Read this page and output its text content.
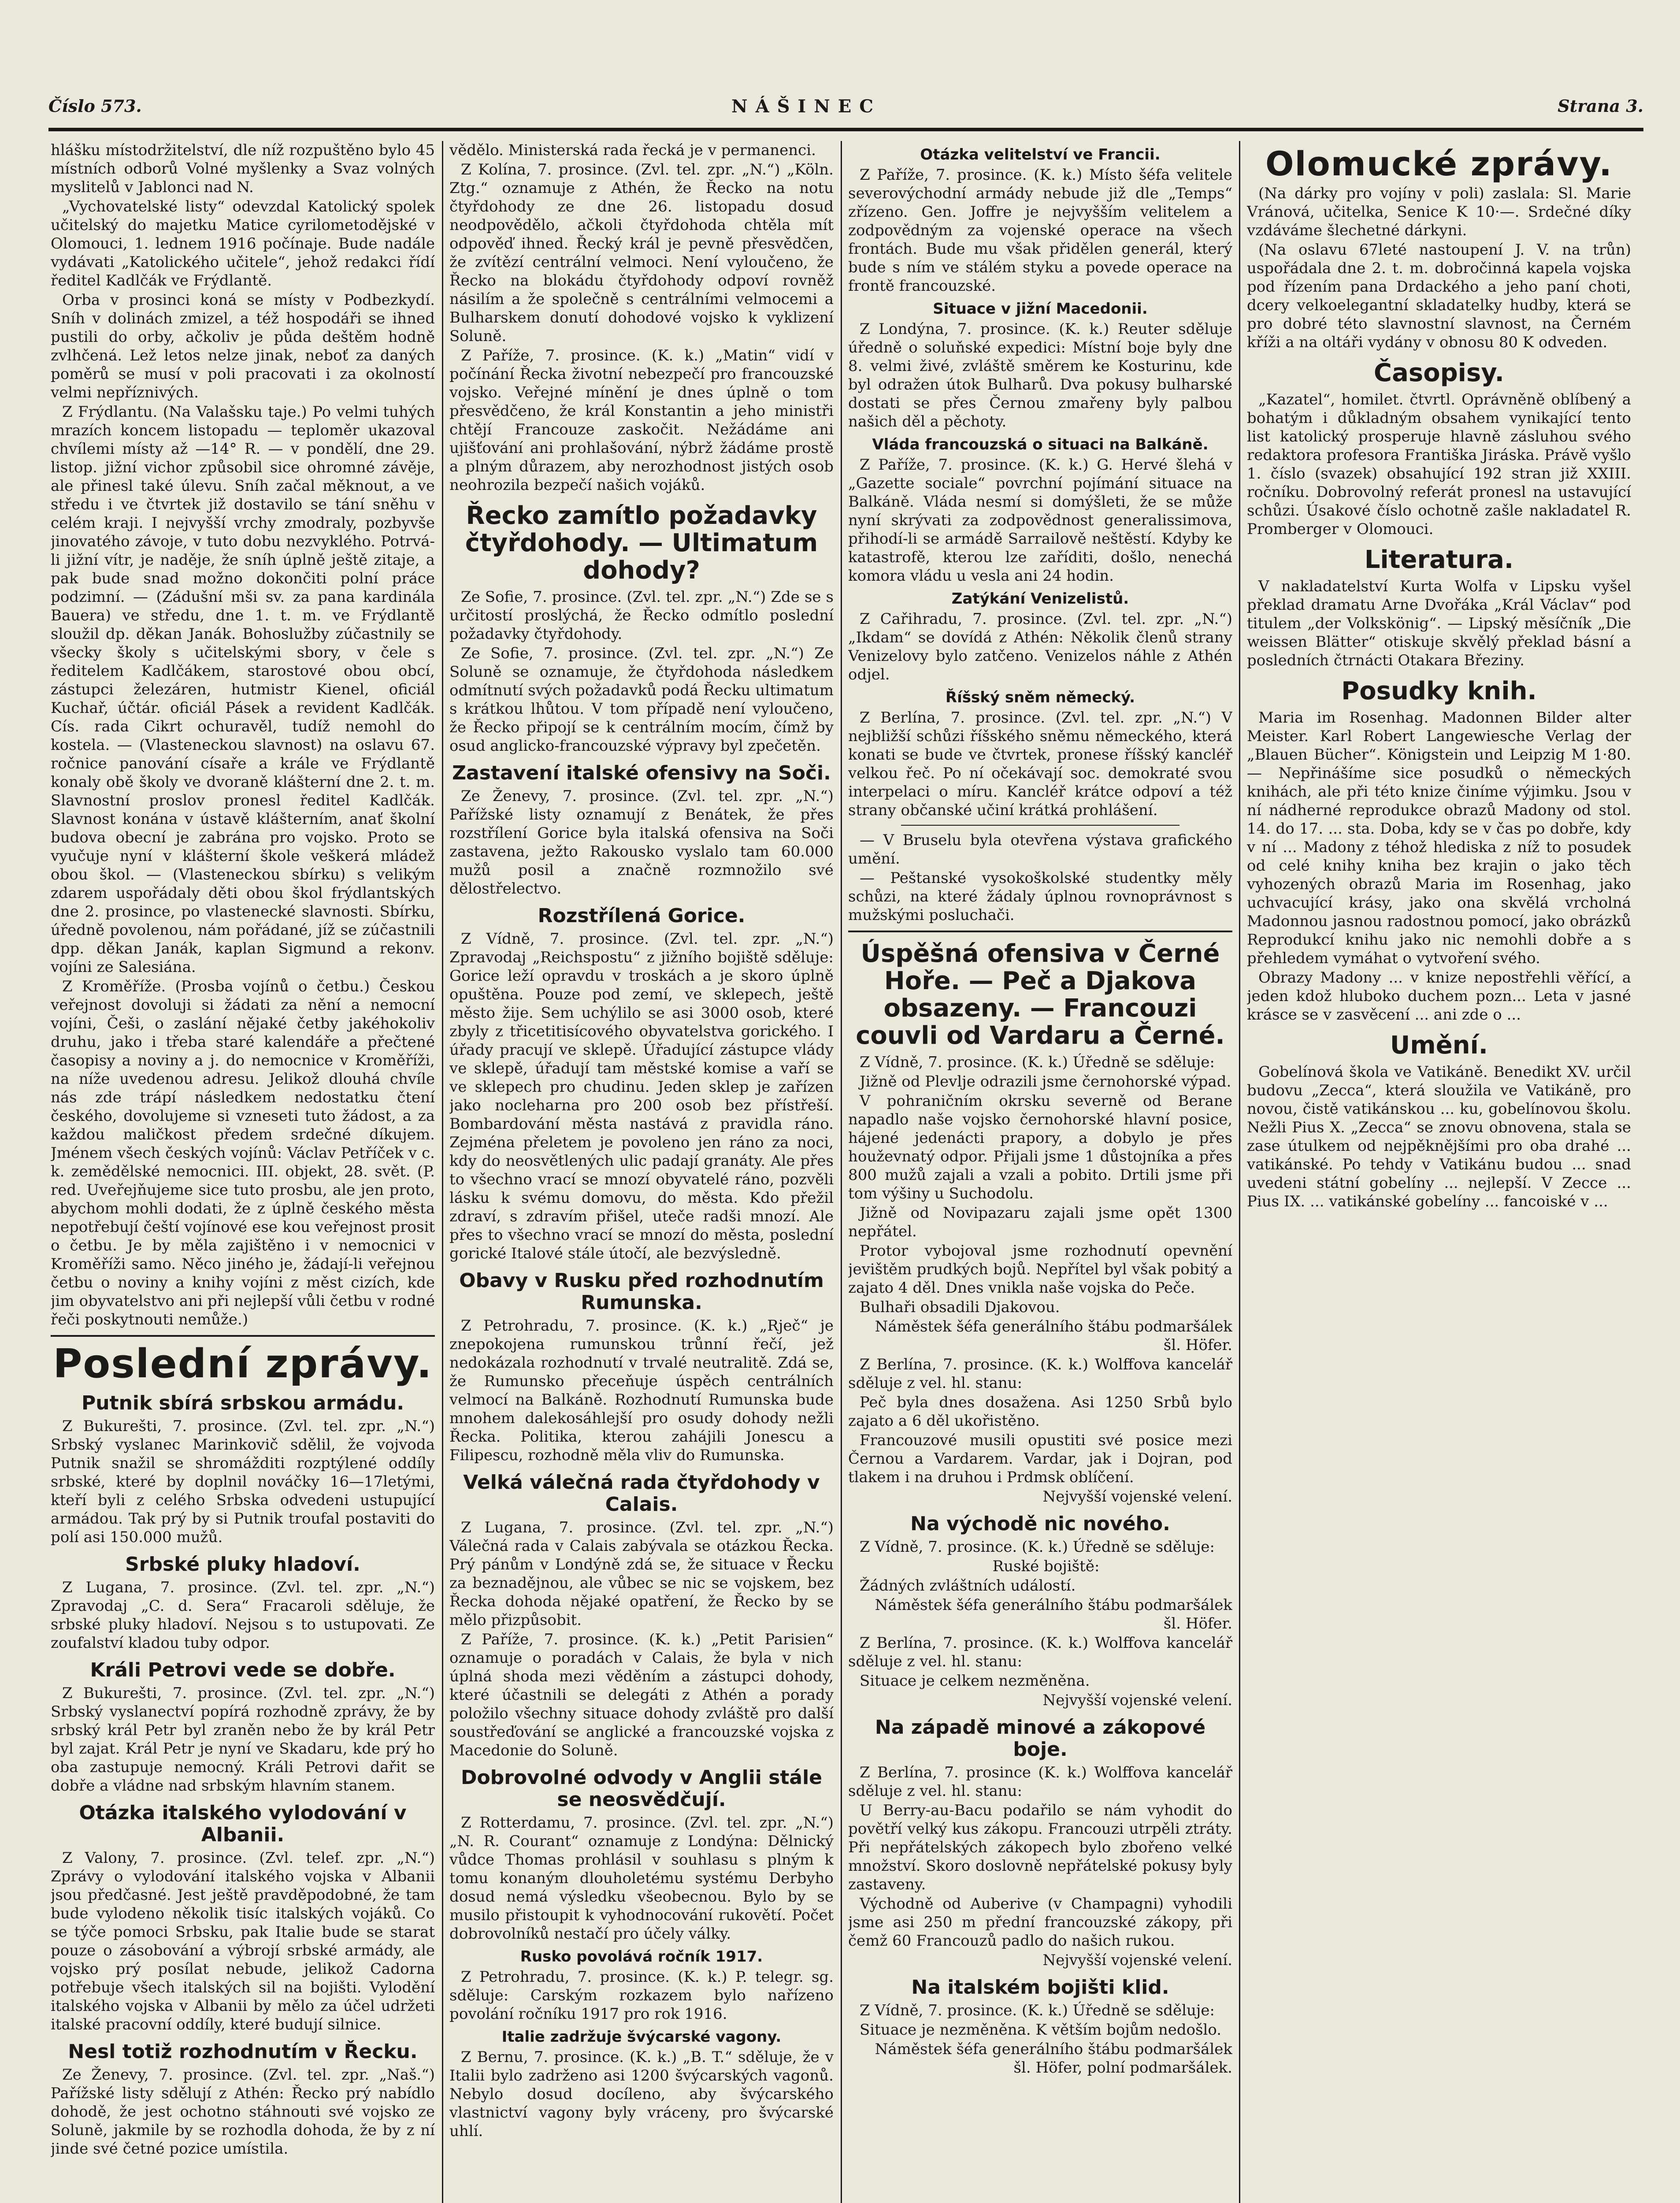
Číslo 573.	NÁŠINEC	Strana 3.

hlášku místodržitelství, dle níž rozpuštěno bylo 45 místních odborů Volné myšlenky a Svaz volných myslitelů v Jablonci nad N.

„Vychovatelské listy“ odevzdal Katolický spolek učitelský do majetku Matice cyrilometodějské v Olomouci, 1. lednem 1916 počínaje. Bude nadále vydávati „Katolického učitele“, jehož redakci řídí ředitel Kadlčák ve Frýdlantě.

Orba v prosinci koná se místy v Podbezkydí. Sníh v dolinách zmizel, a též hospodáři se ihned pustili do orby, ačkoliv je půda deštěm hodně zvlhčená. Lež letos nelze jinak, neboť za daných poměrů se musí v poli pracovati i za okolností velmi nepříznivých.

Z Frýdlantu. (Na Valašsku taje.) Po velmi tuhých mrazích koncem listopadu — teploměr ukazoval chvílemi místy až —14° R. — v pondělí, dne 29. listop. jižní vichor způsobil sice ohromné závěje, ale přinesl také úlevu. Sníh začal měknout, a ve středu i ve čtvrtek již dostavilo se tání sněhu v celém kraji. I nejvyšší vrchy zmodraly, pozbyvše jinovatého závoje, v tuto dobu nezvyklého. Potrvá-li jižní vítr, je naděje, že sníh úplně ještě zitaje, a pak bude snad možno dokončiti polní práce podzimní. — (Zádušní mši sv. za pana kardinála Bauera) ve středu, dne 1. t. m. ve Frýdlantě sloužil dp. děkan Janák. Bohoslužby zúčastnily se všecky školy s učitelskými sbory, v čele s ředitelem Kadlčákem, starostové obou obcí, zástupci železáren, hutmistr Kienel, oficiál Kuchař, účtár. oficiál Pásek a revident Kadlčák. Cís. rada Cikrt ochuravěl, tudíž nemohl do kostela. — (Vlasteneckou slavnost) na oslavu 67. ročnice panování císaře a krále ve Frýdlantě konaly obě školy ve dvoraně klášterní dne 2. t. m. Slavnostní proslov pronesl ředitel Kadlčák. Slavnost konána v ústavě klášterním, anať školní budova obecní je zabrána pro vojsko. Proto se vyučuje nyní v klášterní škole veškerá mládež obou škol. — (Vlasteneckou sbírku) s velikým zdarem uspořádaly děti obou škol frýdlantských dne 2. prosince, po vlastenecké slavnosti. Sbírku, úředně povolenou, nám pořádané, jíž se zúčastnili dpp. děkan Janák, kaplan Sigmund a rekonv. vojíni ze Salesiána.

Z Kroměříže. (Prosba vojínů o četbu.) Českou veřejnost dovoluji si žádati za nění a nemocní vojíni, Češi, o zaslání nějaké četby jakéhokoliv druhu, jako i třeba staré kalendáře a přečtené časopisy a noviny a j. do nemocnice v Kroměříži, na níže uvedenou adresu. Jelikož dlouhá chvíle nás zde trápí následkem nedostatku čtení českého, dovolujeme si vzneseti tuto žádost, a za každou maličkost předem srdečné díkujem. Jménem všech českých vojínů: Václav Petříček v c. k. zemědělské nemocnici. III. objekt, 28. svět. (P. red. Uveřejňujeme sice tuto prosbu, ale jen proto, abychom mohli dodati, že z úplně českého města nepotřebují čeští vojínové ese kou veřejnost prosit o četbu. Je by měla zajištěno i v nemocnici v Kroměříži samo. Něco jiného je, žádají-li veřejnou četbu o noviny a knihy vojíni z měst cizích, kde jim obyvatelstvo ani při nejlepší vůli četbu v rodné řeči poskytnouti nemůže.)

Poslední zprávy.
Putnik sbírá srbskou armádu.

Z Bukurešti, 7. prosince. (Zvl. tel. zpr. „N.“) Srbský vyslanec Marinkovič sdělil, že vojvoda Putnik snažil se shromážditi rozptýlené oddíly srbské, které by doplnil nováčky 16—17letými, kteří byli z celého Srbska odvedeni ustupující armádou. Tak prý by si Putnik troufal postaviti do polí asi 150.000 mužů.

Srbské pluky hladoví.

Z Lugana, 7. prosince. (Zvl. tel. zpr. „N.“) Zpravodaj „C. d. Sera“ Fracaroli sděluje, že srbské pluky hladoví. Nejsou s to ustupovati. Ze zoufalství kladou tuby odpor.

Králi Petrovi vede se dobře.

Z Bukurešti, 7. prosince. (Zvl. tel. zpr. „N.“) Srbský vyslanectví popírá rozhodně zprávy, že by srbský král Petr byl zraněn nebo že by král Petr byl zajat. Král Petr je nyní ve Skadaru, kde prý ho oba zastupuje nemocný. Králi Petrovi dařit se dobře a vládne nad srbským hlavním stanem.

Otázka italského vylodování v Albanii.

Z Valony, 7. prosince. (Zvl. telef. zpr. „N.“) Zprávy o vylodování italského vojska v Albanii jsou předčasné. Jest ještě pravděpodobné, že tam bude vylodeno několik tisíc italských vojáků. Co se týče pomoci Srbsku, pak Italie bude se starat pouze o zásobování a výbrojí srbské armády, ale vojsko prý posílat nebude, jelikož Cadorna potřebuje všech italských sil na bojišti. Vylodění italského vojska v Albanii by mělo za účel udržeti italské pracovní oddíly, které budují silnice.

Nesl totiž rozhodnutím v Řecku.

Ze Ženevy, 7. prosince. (Zvl. tel. zpr. „Naš.“) Pařížské listy sdělují z Athén: Řecko prý nabídlo dohodě, že jest ochotno stáhnouti své vojsko ze Soluně, jakmile by se rozhodla dohoda, že by z ní jinde své četné pozice umístila.

vědělo. Ministerská rada řecká je v permanenci.

Z Kolína, 7. prosince. (Zvl. tel. zpr. „N.“) „Köln. Ztg.“ oznamuje z Athén, že Řecko na notu čtyřdohody ze dne 26. listopadu dosud neodpovědělo, ačkoli čtyřdohoda chtěla mít odpověď ihned. Řecký král je pevně přesvědčen, že zvítězí centrální velmoci. Není vyloučeno, že Řecko na blokádu čtyřdohody odpoví rovněž násilím a že společně s centrálními velmocemi a Bulharskem donutí dohodové vojsko k vyklizení Soluně.

Z Paříže, 7. prosince. (K. k.) „Matin“ vidí v počínání Řecka životní nebezpečí pro francouzské vojsko. Veřejné mínění je dnes úplně o tom přesvědčeno, že král Konstantin a jeho ministři chtějí Francouze zaskočit. Nežádáme ani ujišťování ani prohlašování, nýbrž žádáme prostě a plným důrazem, aby nerozhodnost jistých osob neohrozila bezpečí našich vojáků.

Řecko zamítlo požadavky čtyřdohody. — Ultimatum dohody?

Ze Sofie, 7. prosince. (Zvl. tel. zpr. „N.“) Zde se s určitostí proslýchá, že Řecko odmítlo poslední požadavky čtyřdohody.

Ze Sofie, 7. prosince. (Zvl. tel. zpr. „N.“) Ze Soluně se oznamuje, že čtyřdohoda následkem odmítnutí svých požadavků podá Řecku ultimatum s krátkou lhůtou. V tom případě není vyloučeno, že Řecko připojí se k centrálním mocím, čímž by osud anglicko-francouzské výpravy byl zpečetěn.

Zastavení italské ofensivy na Soči.

Ze Ženevy, 7. prosince. (Zvl. tel. zpr. „N.“) Pařížské listy oznamují z Benátek, že přes rozstřílení Gorice byla italská ofensiva na Soči zastavena, ježto Rakousko vyslalo tam 60.000 mužů posil a značně rozmnožilo své dělostřelectvo.

Rozstřílená Gorice.

Z Vídně, 7. prosince. (Zvl. tel. zpr. „N.“) Zpravodaj „Reichspostu“ z jižního bojiště sděluje: Gorice leží opravdu v troskách a je skoro úplně opuštěna. Pouze pod zemí, ve sklepech, ještě město žije. Sem uchýlilo se asi 3000 osob, které zbyly z třicetitisícového obyvatelstva gorického. I úřady pracují ve sklepě. Úřadující zástupce vlády ve sklepě, úřadují tam městské komise a vaří se ve sklepech pro chudinu. Jeden sklep je zařízen jako nocleharna pro 200 osob bez přístřeší. Bombardování města nastává z pravidla ráno. Zejména přeletem je povoleno jen ráno za noci, kdy do neosvětlených ulic padají granáty. Ale přes to všechno vrací se mnozí obyvatelé ráno, pozvěli lásku k svému domovu, do města. Kdo přežil zdraví, s zdravím přišel, uteče radši mnozí. Ale přes to všechno vrací se mnozí do města, poslední gorické Italové stále útočí, ale bezvýsledně.

Obavy v Rusku před rozhodnutím Rumunska.

Z Petrohradu, 7. prosince. (K. k.) „Rječ“ je znepokojena rumunskou trůnní řečí, jež nedokázala rozhodnutí v trvalé neutralitě. Zdá se, že Rumunsko přeceňuje úspěch centrálních velmocí na Balkáně. Rozhodnutí Rumunska bude mnohem dalekosáhlejší pro osudy dohody nežli Řecka. Politika, kterou zahájili Jonescu a Filipescu, rozhodně měla vliv do Rumunska.

Velká válečná rada čtyřdohody v Calais.

Z Lugana, 7. prosince. (Zvl. tel. zpr. „N.“) Válečná rada v Calais zabývala se otázkou Řecka. Prý pánům v Londýně zdá se, že situace v Řecku za beznadějnou, ale vůbec se nic se vojskem, bez Řecka dohoda nějaké opatření, že Řecko by se mělo přizpůsobit.

Z Paříže, 7. prosince. (K. k.) „Petit Parisien“ oznamuje o poradách v Calais, že byla v nich úplná shoda mezi věděním a zástupci dohody, které účastnili se delegáti z Athén a porady položilo všechny situace dohody zvláště pro další soustřeďování se anglické a francouzské vojska z Macedonie do Soluně.

Dobrovolné odvody v Anglii stále se neosvědčují.

Z Rotterdamu, 7. prosince. (Zvl. tel. zpr. „N.“) „N. R. Courant“ oznamuje z Londýna: Dělnický vůdce Thomas prohlásil v souhlasu s plným k tomu konaným dlouholetému systému Derbyho dosud nemá výsledku všeobecnou. Bylo by se musilo přistoupit k vyhodnocování rukovětí. Počet dobrovolníků nestačí pro účely války.

Rusko povolává ročník 1917.

Z Petrohradu, 7. prosince. (K. k.) P. telegr. sg. sděluje: Carským rozkazem bylo nařízeno povolání ročníku 1917 pro rok 1916.

Italie zadržuje švýcarské vagony.

Z Bernu, 7. prosince. (K. k.) „B. T.“ sděluje, že v Italii bylo zadrženo asi 1200 švýcarských vagonů. Nebylo dosud docíleno, aby švýcarského vlastnictví vagony byly vráceny, pro švýcarské uhlí.

Otázka velitelství ve Francii.

Z Paříže, 7. prosince. (K. k.) Místo šéfa velitele severovýchodní armády nebude již dle „Temps“ zřízeno. Gen. Joffre je nejvyšším velitelem a zodpovědným za vojenské operace na všech frontách. Bude mu však přidělen generál, který bude s ním ve stálém styku a povede operace na frontě francouzské.

Situace v jižní Macedonii.

Z Londýna, 7. prosince. (K. k.) Reuter sděluje úředně o soluňské expedici: Místní boje byly dne 8. velmi živé, zvláště směrem ke Kosturinu, kde byl odražen útok Bulharů. Dva pokusy bulharské dostati se přes Černou zmařeny byly palbou našich děl a pěchoty.

Vláda francouzská o situaci na Balkáně.

Z Paříže, 7. prosince. (K. k.) G. Hervé šlehá v „Gazette sociale“ povrchní pojímání situace na Balkáně. Vláda nesmí si domýšleti, že se může nyní skrývati za zodpovědnost generalissimova, přihodí-li se armádě Sarrailově neštěstí. Kdyby ke katastrofě, kterou lze zaříditi, došlo, nenechá komora vládu u vesla ani 24 hodin.

Zatýkání Venizelistů.

Z Cařihradu, 7. prosince. (Zvl. tel. zpr. „N.“) „Ikdam“ se dovídá z Athén: Několik členů strany Venizelovy bylo zatčeno. Venizelos náhle z Athén odjel.

Říšský sněm německý.

Z Berlína, 7. prosince. (Zvl. tel. zpr. „N.“) V nejbližší schůzi říšského sněmu německého, která konati se bude ve čtvrtek, pronese říšský kancléř velkou řeč. Po ní očekávají soc. demokraté svou interpelaci o míru. Kancléř krátce odpoví a též strany občanské učiní krátká prohlášení.

— V Bruselu byla otevřena výstava grafického umění.

— Peštanské vysokoškolské studentky měly schůzi, na které žádaly úplnou rovnoprávnost s mužskými posluchači.

Úspěšná ofensiva v Černé Hoře. — Peč a Djakova obsazeny. — Francouzi couvli od Vardaru a Černé.

Z Vídně, 7. prosince. (K. k.) Úředně se sděluje:

Jižně od Plevlje odrazili jsme černohorské výpad.

V pohraničním okrsku severně od Berane napadlo naše vojsko černohorské hlavní posice, hájené jedenácti prapory, a dobylo je přes houževnatý odpor. Přijali jsme 1 důstojníka a přes 800 mužů zajali a vzali a pobito. Drtili jsme při tom výšiny u Suchodolu.

Jižně od Novipazaru zajali jsme opět 1300 nepřátel.

Protor vybojoval jsme rozhodnutí opevnění jevištěm prudkých bojů. Nepřítel byl však pobitý a zajato 4 děl. Dnes vnikla naše vojska do Peče.

Bulhaři obsadili Djakovou.

Náměstek šéfa generálního štábu podmaršálek šl. Höfer.

Z Berlína, 7. prosince. (K. k.) Wolffova kancelář sděluje z vel. hl. stanu:

Peč byla dnes dosažena. Asi 1250 Srbů bylo zajato a 6 děl ukořistěno.

Francouzové musili opustiti své posice mezi Černou a Vardarem. Vardar, jak i Dojran, pod tlakem i na druhou i Prdmsk oblíčení.

Nejvyšší vojenské velení.

Na východě nic nového.

Z Vídně, 7. prosince. (K. k.) Úředně se sděluje:

Ruské bojiště:

Žádných zvláštních událostí.

Náměstek šéfa generálního štábu podmaršálek šl. Höfer.

Z Berlína, 7. prosince. (K. k.) Wolffova kancelář sděluje z vel. hl. stanu:

Situace je celkem nezměněna.

Nejvyšší vojenské velení.

Na západě minové a zákopové boje.

Z Berlína, 7. prosince (K. k.) Wolffova kancelář sděluje z vel. hl. stanu:

U Berry-au-Bacu podařilo se nám vyhodit do povětří velký kus zákopu. Francouzi utrpěli ztráty. Při nepřátelských zákopech bylo zbořeno velké množství. Skoro doslovně nepřátelské pokusy byly zastaveny.

Východně od Auberive (v Champagni) vyhodili jsme asi 250 m přední francouzské zákopy, při čemž 60 Francouzů padlo do našich rukou.

Nejvyšší vojenské velení.

Na italském bojišti klid.

Z Vídně, 7. prosince. (K. k.) Úředně se sděluje:

Situace je nezměněna. K větším bojům nedošlo.

Náměstek šéfa generálního štábu podmaršálek šl. Höfer, polní podmaršálek.

Olomucké zprávy.

(Na dárky pro vojíny v poli) zaslala: Sl. Marie Vránová, učitelka, Senice K 10·—. Srdečné díky vzdáváme šlechetné dárkyni.

(Na oslavu 67leté nastoupení J. V. na trůn) uspořádala dne 2. t. m. dobročinná kapela vojska pod řízením pana Drdackého a jeho paní choti, dcery velkoelegantní skladatelky hudby, která se pro dobré této slavnostní slavnost, na Černém kříži a na oltáři vydány v obnosu 80 K odveden.

Časopisy.

„Kazatel“, homilet. čtvrtl. Oprávněně oblíbený a bohatým i důkladným obsahem vynikající tento list katolický prosperuje hlavně zásluhou svého redaktora profesora Františka Jiráska. Právě vyšlo 1. číslo (svazek) obsahující 192 stran již XXIII. ročníku. Dobrovolný referát pronesl na ustavující schůzi. Úsakové číslo ochotně zašle nakladatel R. Promberger v Olomouci.

Literatura.

V nakladatelství Kurta Wolfa v Lipsku vyšel překlad dramatu Arne Dvořáka „Král Václav“ pod titulem „der Volkskönig“. — Lipský měsíčník „Die weissen Blätter“ otiskuje skvělý překlad básní a posledních čtrnácti Otakara Březiny.

Posudky knih.

Maria im Rosenhag. Madonnen Bilder alter Meister. Karl Robert Langewiesche Verlag der „Blauen Bücher“. Königstein und Leipzig M 1·80. — Nepřinášíme sice posudků o německých knihách, ale při této knize činíme výjimku. Jsou v ní nádherné reprodukce obrazů Madony od stol. 14. do 17. ... sta. Doba, kdy se v čas po dobře, kdy v ní ... Madony z téhož hlediska z níž to posudek od celé knihy kniha bez krajin o jako těch vyhozených obrazů Maria im Rosenhag, jako uchvacující krásy, jako ona skvělá vrcholná Madonnou jasnou radostnou pomocí, jako obrázků Reprodukcí knihu jako nic nemohli dobře a s přehledem vymáhat o vytvoření svého.

Obrazy Madony ... v knize nepostřehli věřící, a jeden kdož hluboko duchem pozn... Leta v jasné krásce se v zasvěcení ... ani zde o ...

Umění.

Gobelínová škola ve Vatikáně. Benedikt XV. určil budovu „Zecca“, která sloužila ve Vatikáně, pro novou, čistě vatikánskou ... ku, gobelínovou školu. Nežli Pius X. „Zecca“ se znovu obnovena, stala se zase útulkem od nejpěknějšími pro oba drahé ... vatikánské. Po tehdy v Vatikánu budou ... snad uvedeni státní gobelíny ... nejlepší. V Zecce ... Pius IX. ... vatikánské gobelíny ... fancoiské v ...
